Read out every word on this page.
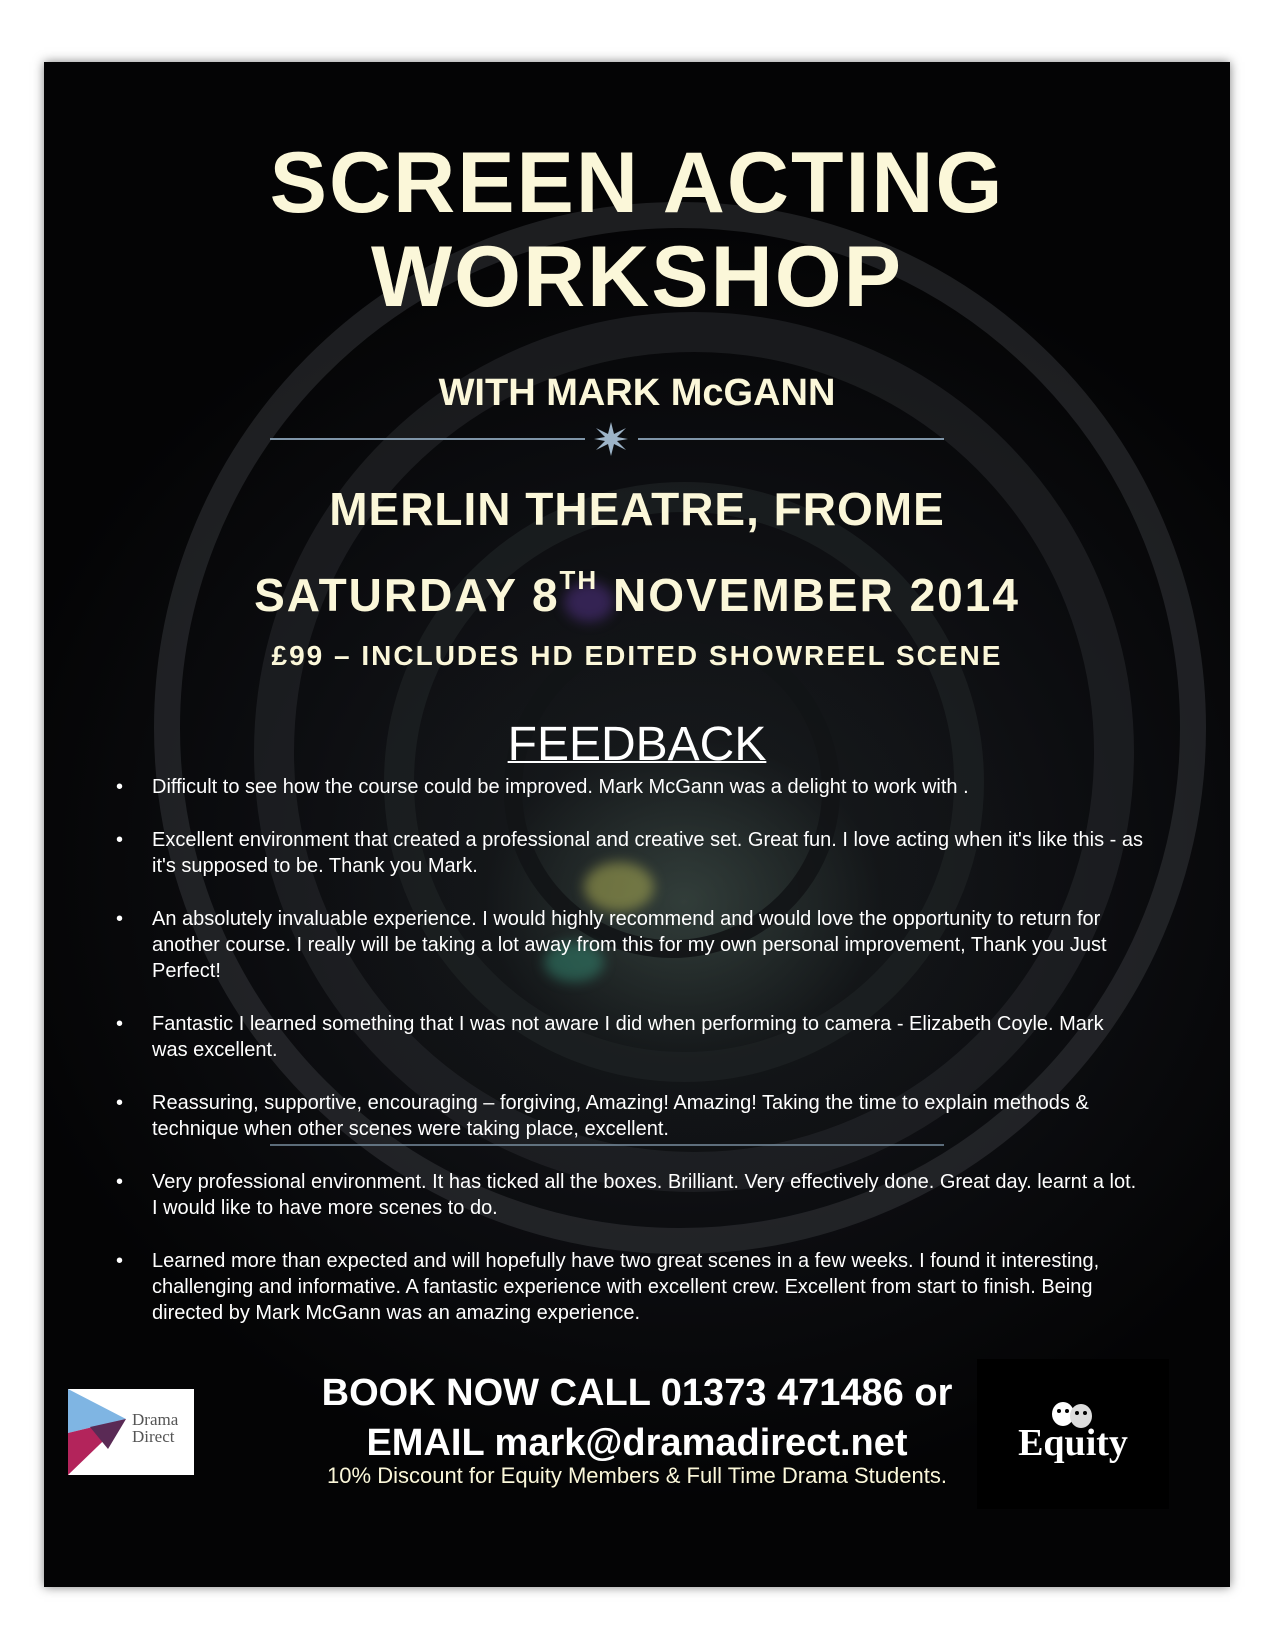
SCREEN ACTING
WORKSHOP
WITH MARK McGANN
MERLIN THEATRE, FROME
SATURDAY 8TH NOVEMBER 2014
£99 – INCLUDES HD EDITED SHOWREEL SCENE
FEEDBACK
• Difficult to see how the course could be improved. Mark McGann was a delight to work with .
• Excellent environment that created a professional and creative set. Great fun. I love acting when it's like this - as it's supposed to be. Thank you Mark.
• An absolutely invaluable experience. I would highly recommend and would love the opportunity to return for another course. I really will be taking a lot away from this for my own personal improvement, Thank you Just Perfect!
• Fantastic I learned something that I was not aware I did when performing to camera - Elizabeth Coyle. Mark was excellent.
• Reassuring, supportive, encouraging – forgiving, Amazing! Amazing! Taking the time to explain methods & technique when other scenes were taking place, excellent.
• Very professional environment. It has ticked all the boxes. Brilliant. Very effectively done. Great day. learnt a lot. I would like to have more scenes to do.
• Learned more than expected and will hopefully have two great scenes in a few weeks. I found it interesting, challenging and informative. A fantastic experience with excellent crew. Excellent from start to finish. Being directed by Mark McGann was an amazing experience.
BOOK NOW CALL 01373 471486 or
EMAIL mark@dramadirect.net
10% Discount for Equity Members & Full Time Drama Students.
Drama
Direct	Equity
